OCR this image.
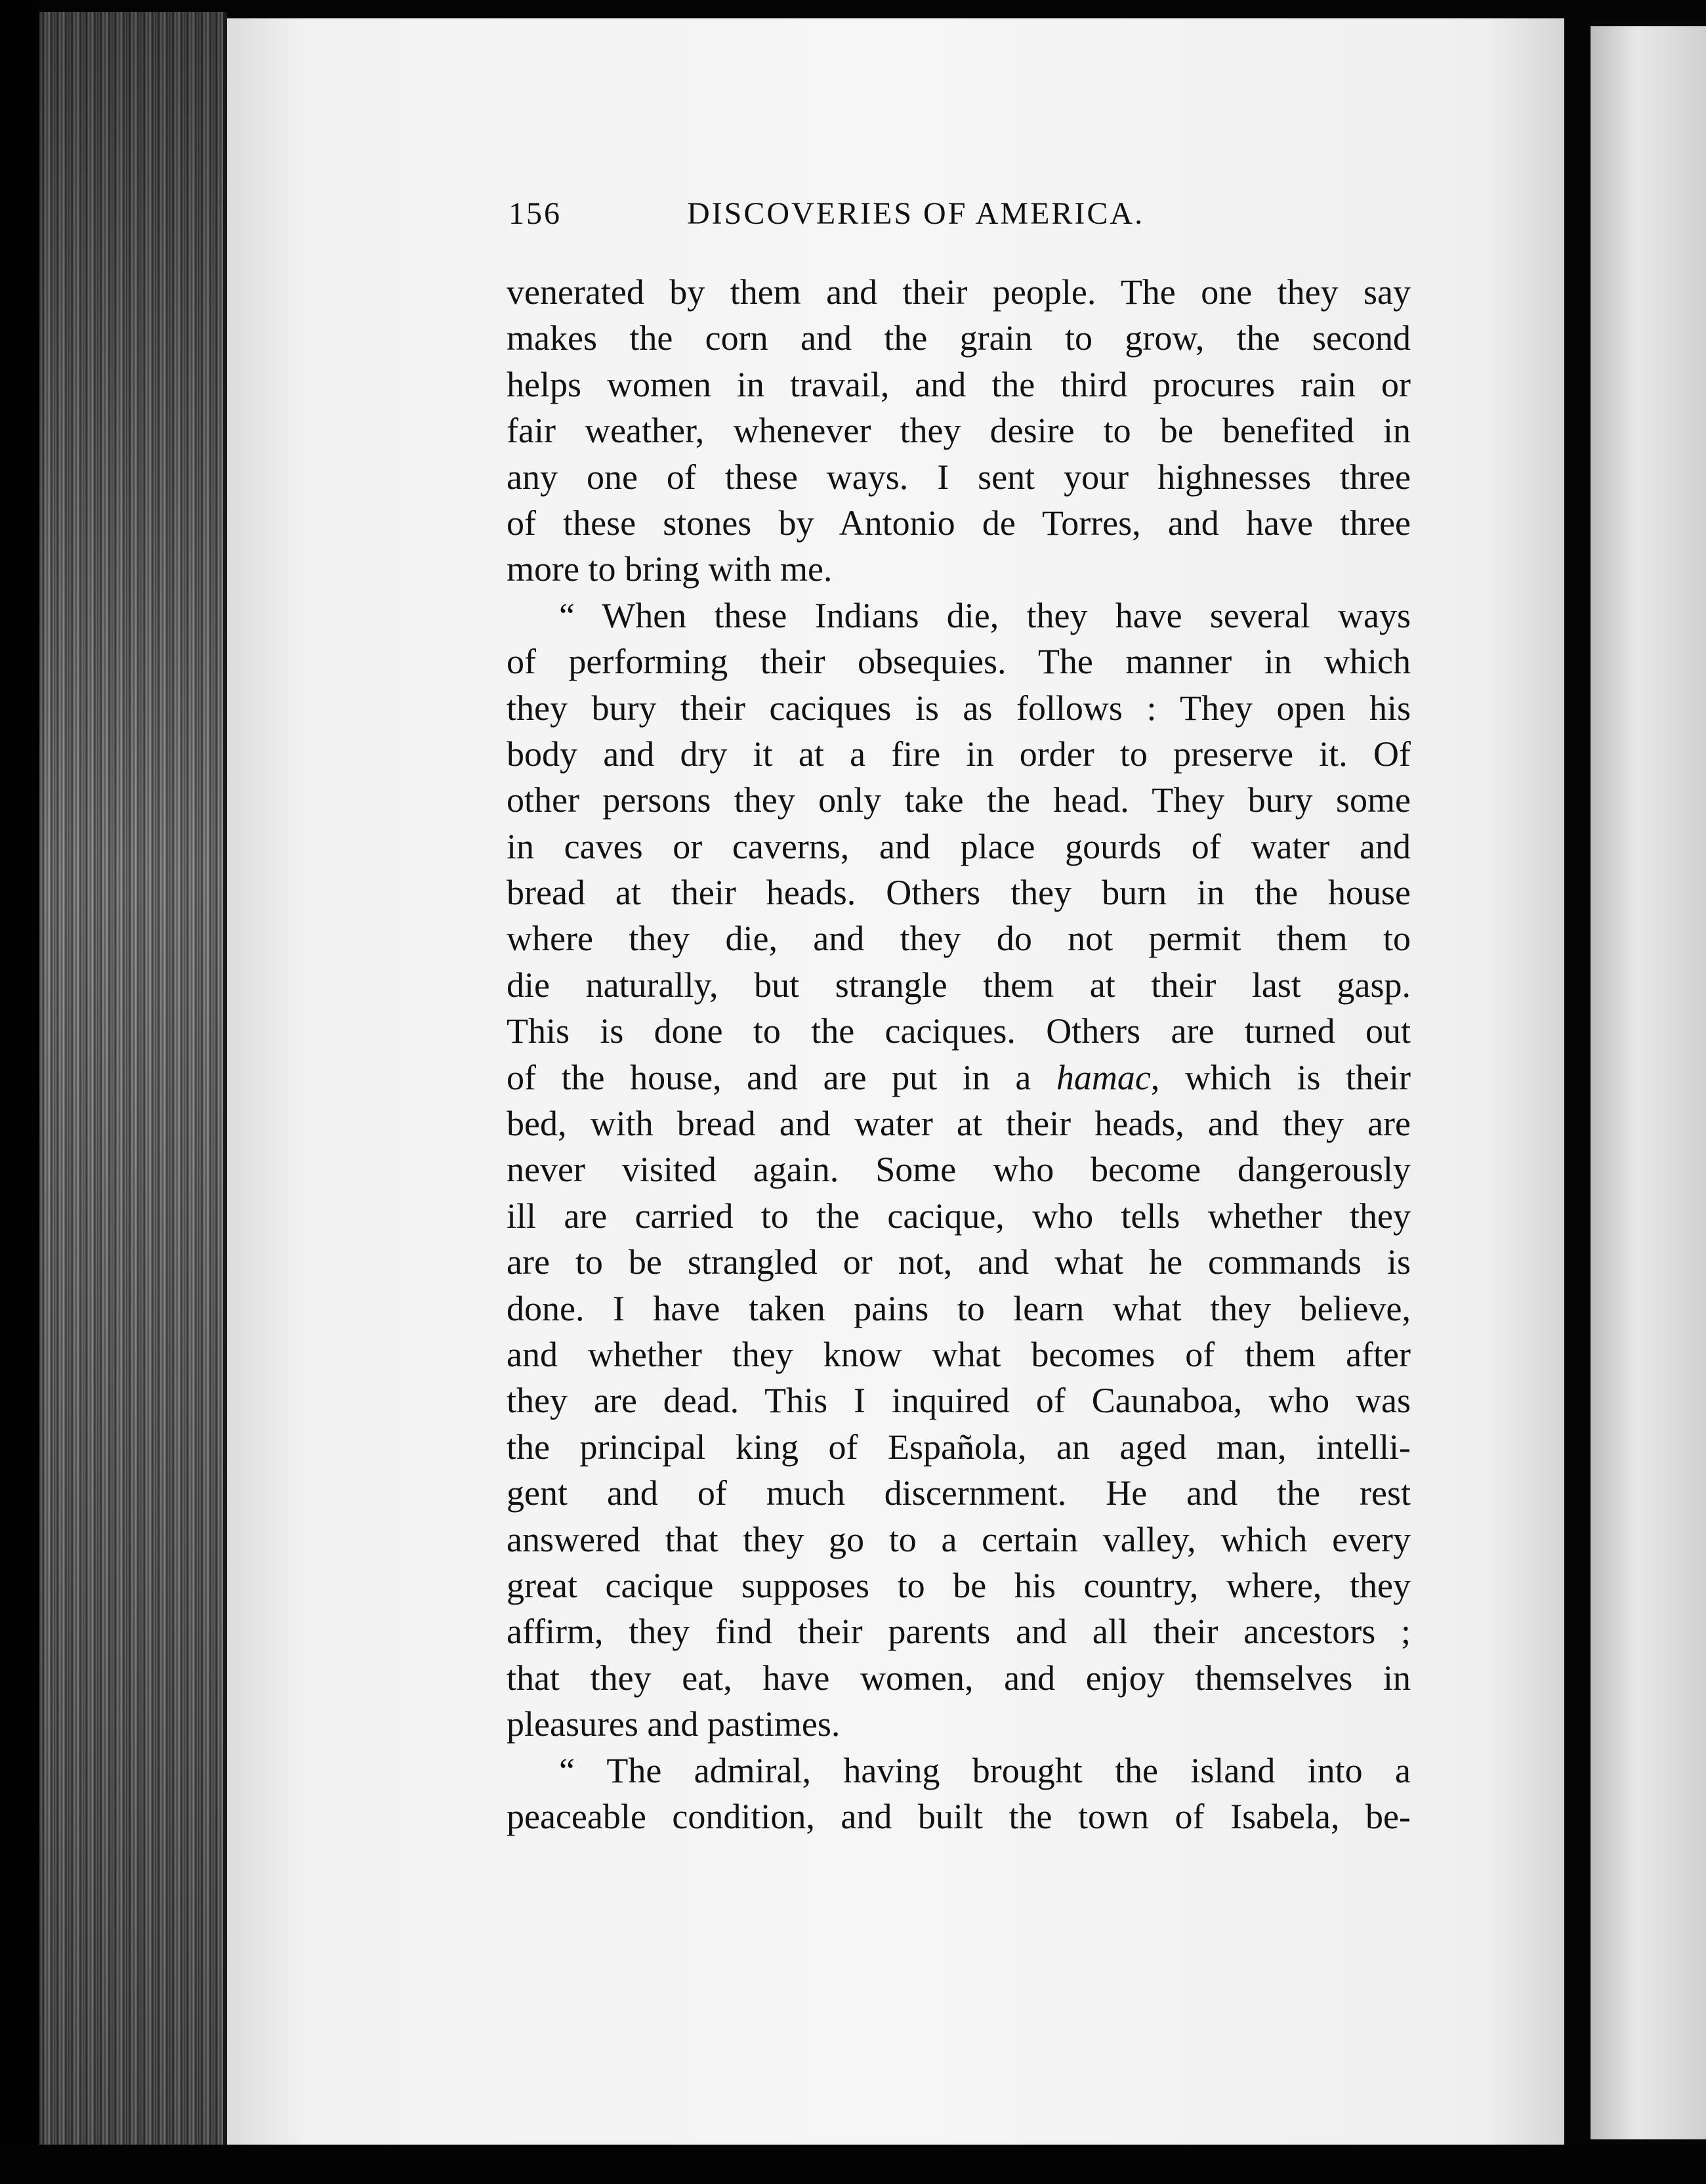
156	DISCOVERIES OF AMERICA.
venerated by them and their people. The one they say
makes the corn and the grain to grow, the second
helps women in travail, and the third procures rain or
fair weather, whenever they desire to be benefited in
any one of these ways. I sent your highnesses three
of these stones by Antonio de Torres, and have three
more to bring with me.
“ When these Indians die, they have several ways
of performing their obsequies. The manner in which
they bury their caciques is as follows : They open his
body and dry it at a fire in order to preserve it. Of
other persons they only take the head. They bury some
in caves or caverns, and place gourds of water and
bread at their heads. Others they burn in the house
where they die, and they do not permit them to
die naturally, but strangle them at their last gasp.
This is done to the caciques. Others are turned out
of the house, and are put in a hamac, which is their
bed, with bread and water at their heads, and they are
never visited again. Some who become dangerously
ill are carried to the cacique, who tells whether they
are to be strangled or not, and what he commands is
done. I have taken pains to learn what they believe,
and whether they know what becomes of them after
they are dead. This I inquired of Caunaboa, who was
the principal king of Española, an aged man, intelli-
gent and of much discernment. He and the rest
answered that they go to a certain valley, which every
great cacique supposes to be his country, where, they
affirm, they find their parents and all their ancestors ;
that they eat, have women, and enjoy themselves in
pleasures and pastimes.
“ The admiral, having brought the island into a
peaceable condition, and built the town of Isabela, be-
